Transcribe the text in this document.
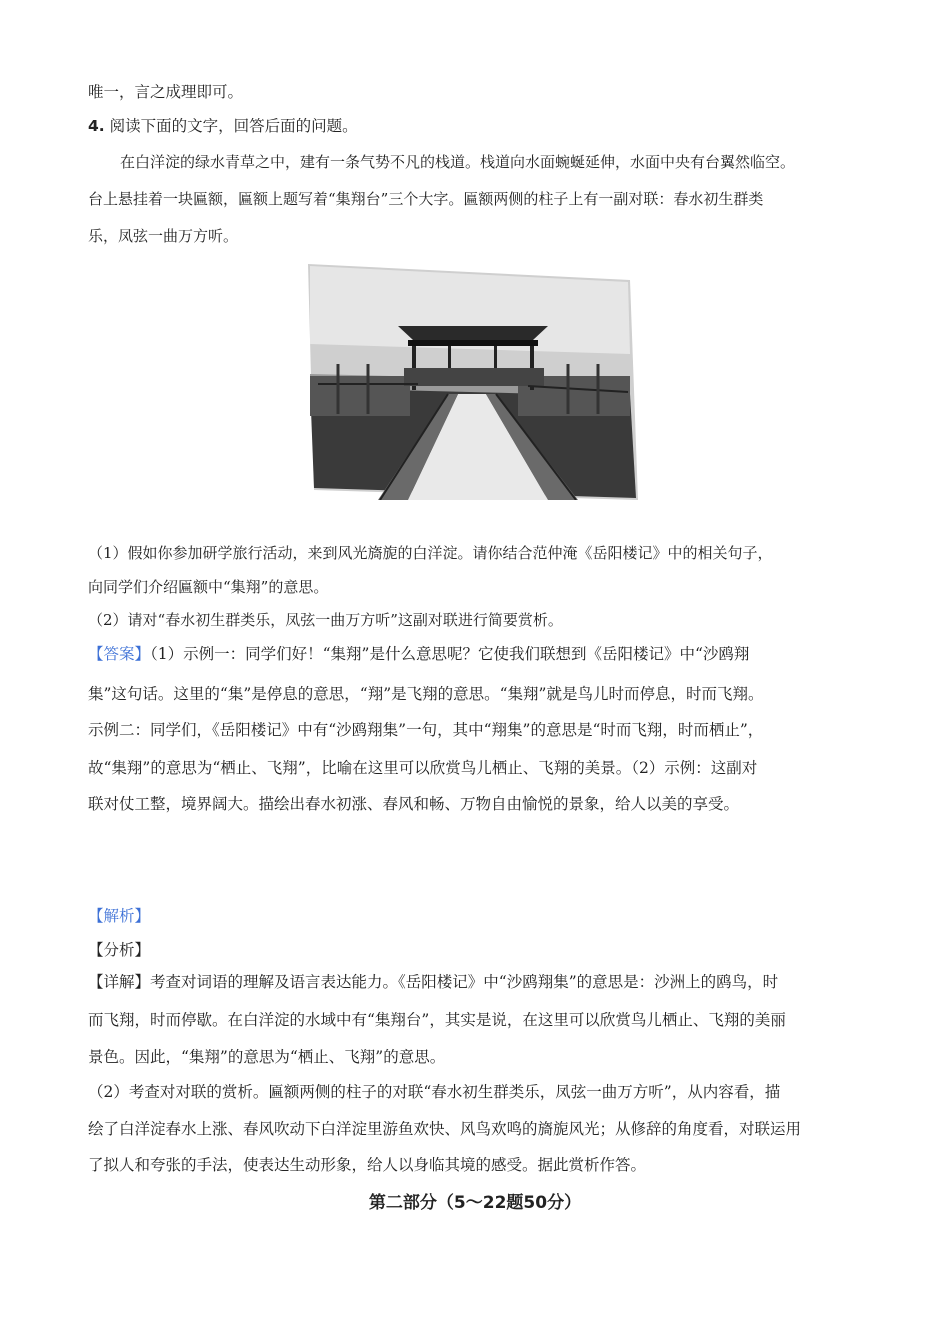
唯一，言之成理即可。
4. 阅读下面的文字，回答后面的问题。
在白洋淀的绿水青草之中，建有一条气势不凡的栈道。栈道向水面蜿蜒延伸，水面中央有台翼然临空。
台上悬挂着一块匾额，匾额上题写着“集翔台”三个大字。匾额两侧的柱子上有一副对联：春水初生群类
乐，凤弦一曲万方听。
（1）假如你参加研学旅行活动，来到风光旖旎的白洋淀。请你结合范仲淹《岳阳楼记》中的相关句子，
向同学们介绍匾额中“集翔”的意思。
（2）请对“春水初生群类乐，凤弦一曲万方听”这副对联进行简要赏析。
【答案】（1）示例一：同学们好！“集翔”是什么意思呢？它使我们联想到《岳阳楼记》中“沙鸥翔
集”这句话。这里的“集”是停息的意思，“翔”是飞翔的意思。“集翔”就是鸟儿时而停息，时而飞翔。
示例二：同学们，《岳阳楼记》中有“沙鸥翔集”一句，其中“翔集”的意思是“时而飞翔，时而栖止”，
故“集翔”的意思为“栖止、飞翔”，比喻在这里可以欣赏鸟儿栖止、飞翔的美景。（2）示例：这副对
联对仗工整，境界阔大。描绘出春水初涨、春风和畅、万物自由愉悦的景象，给人以美的享受。
【解析】
【分析】
【详解】考查对词语的理解及语言表达能力。《岳阳楼记》中“沙鸥翔集”的意思是：沙洲上的鸥鸟，时
而飞翔，时而停歇。在白洋淀的水域中有“集翔台”，其实是说，在这里可以欣赏鸟儿栖止、飞翔的美丽
景色。因此，“集翔”的意思为“栖止、飞翔”的意思。
（2）考查对对联的赏析。匾额两侧的柱子的对联“春水初生群类乐，凤弦一曲万方听”，从内容看，描
绘了白洋淀春水上涨、春风吹动下白洋淀里游鱼欢快、风鸟欢鸣的旖旎风光；从修辞的角度看，对联运用
了拟人和夸张的手法，使表达生动形象，给人以身临其境的感受。据此赏析作答。
第二部分（5～22题50分）
